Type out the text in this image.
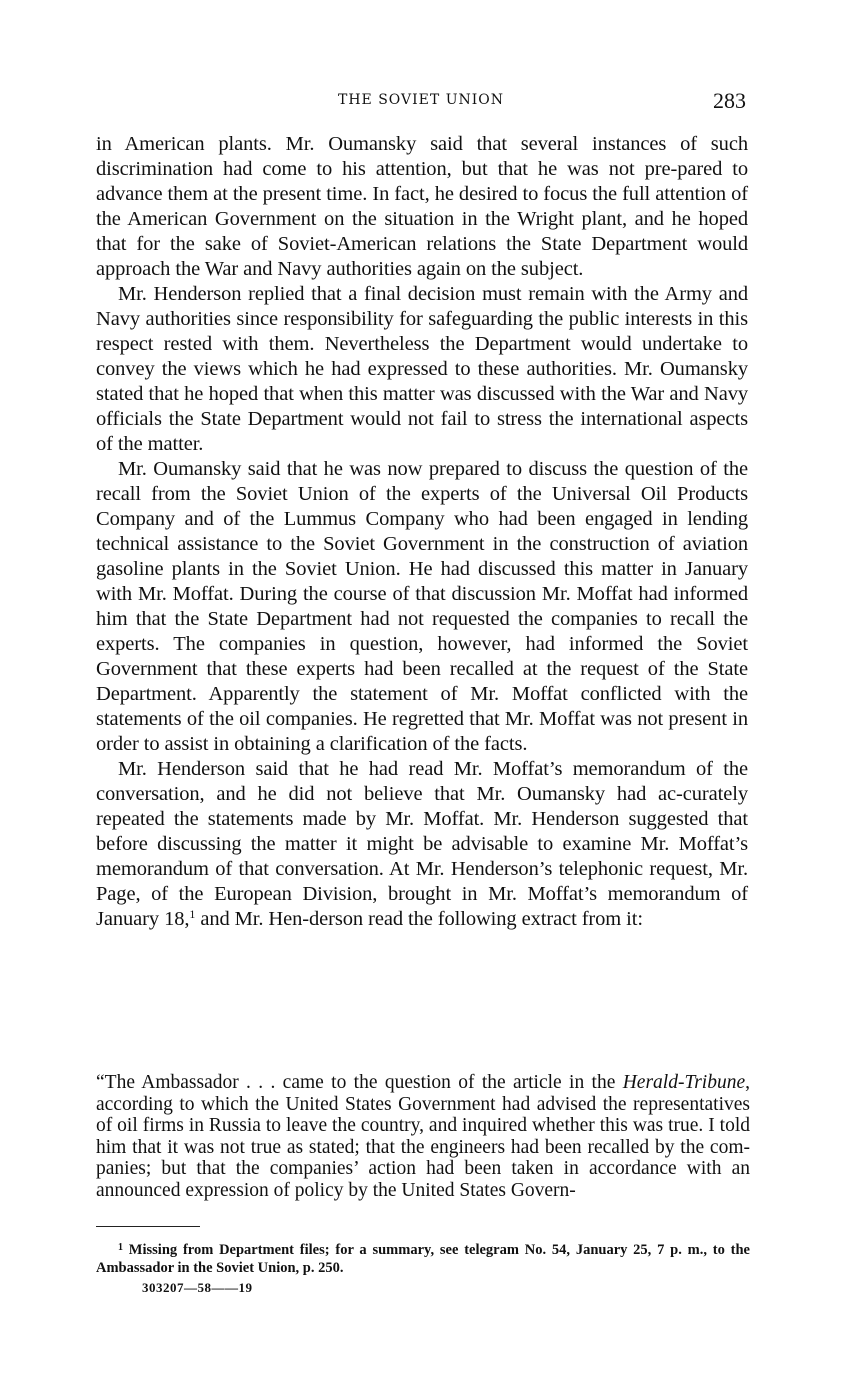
THE SOVIET UNION	283

in American plants. Mr. Oumansky said that several instances of such discrimination had come to his attention, but that he was not pre-pared to advance them at the present time. In fact, he desired to focus the full attention of the American Government on the situation in the Wright plant, and he hoped that for the sake of Soviet-American relations the State Department would approach the War and Navy authorities again on the subject.

Mr. Henderson replied that a final decision must remain with the Army and Navy authorities since responsibility for safeguarding the public interests in this respect rested with them. Nevertheless the Department would undertake to convey the views which he had expressed to these authorities. Mr. Oumansky stated that he hoped that when this matter was discussed with the War and Navy officials the State Department would not fail to stress the international aspects of the matter.

Mr. Oumansky said that he was now prepared to discuss the question of the recall from the Soviet Union of the experts of the Universal Oil Products Company and of the Lummus Company who had been engaged in lending technical assistance to the Soviet Government in the construction of aviation gasoline plants in the Soviet Union. He had discussed this matter in January with Mr. Moffat. During the course of that discussion Mr. Moffat had informed him that the State Department had not requested the companies to recall the experts. The companies in question, however, had informed the Soviet Government that these experts had been recalled at the request of the State Department. Apparently the statement of Mr. Moffat conflicted with the statements of the oil companies. He regretted that Mr. Moffat was not present in order to assist in obtaining a clarification of the facts.

Mr. Henderson said that he had read Mr. Moffat’s memorandum of the conversation, and he did not believe that Mr. Oumansky had ac-curately repeated the statements made by Mr. Moffat. Mr. Henderson suggested that before discussing the matter it might be advisable to examine Mr. Moffat’s memorandum of that conversation. At Mr. Henderson’s telephonic request, Mr. Page, of the European Division, brought in Mr. Moffat’s memorandum of January 18,$^1$ and Mr. Hen-derson read the following extract from it:

“The Ambassador . . . came to the question of the article in the Herald-Tribune, according to which the United States Government had advised the representatives of oil firms in Russia to leave the country, and inquired whether this was true. I told him that it was not true as stated; that the engineers had been recalled by the com-panies; but that the companies’ action had been taken in accordance with an announced expression of policy by the United States Govern-

$^1$ Missing from Department files; for a summary, see telegram No. 54, January 25, 7 p. m., to the Ambassador in the Soviet Union, p. 250.

303207—58——19
